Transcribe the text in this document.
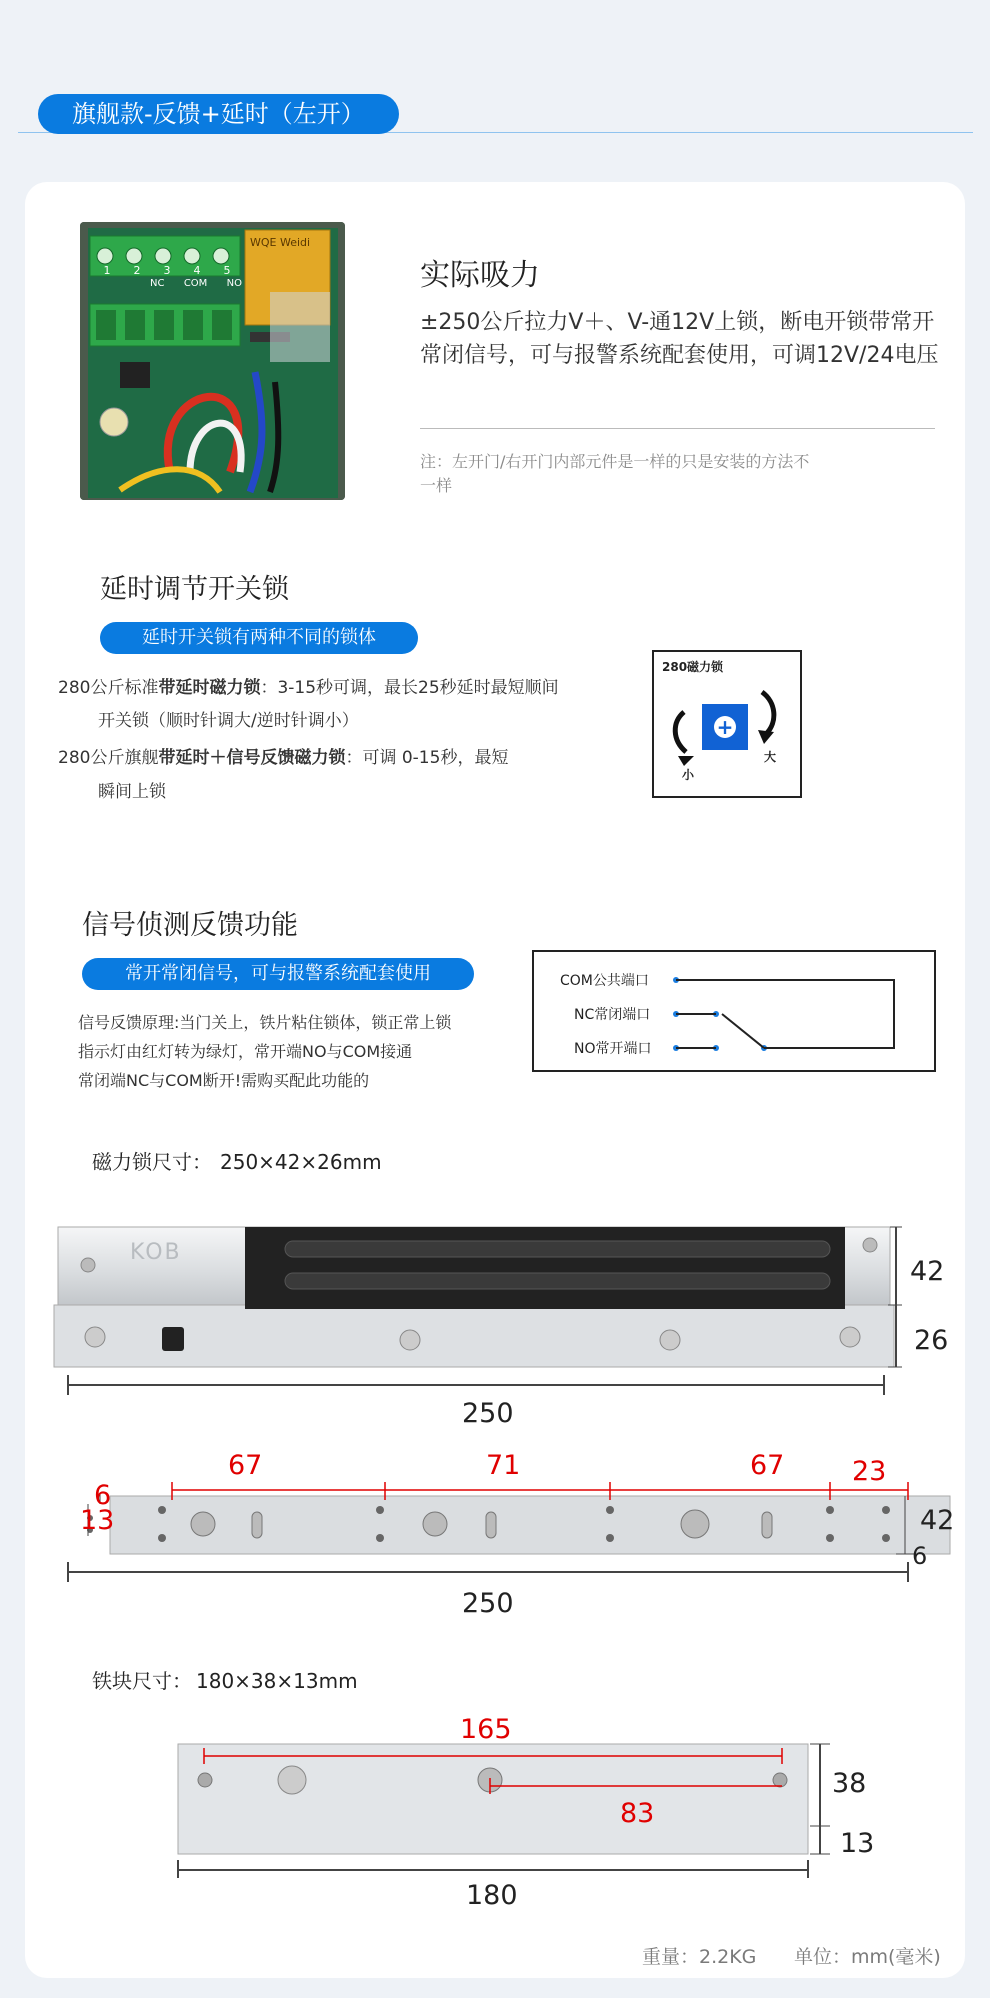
旗舰款-反馈+延时（左开）
1 2 3 4 5
NC COM NO
WQE Weidi
实际吸力
±250公斤拉力V＋、V-通12V上锁，断电开锁带常开常闭信号，可与报警系统配套使用，可调12V/24电压
注：左开门/右开门内部元件是一样的只是安装的方法不一样
延时调节开关锁
延时开关锁有两种不同的锁体
280公斤标准带延时磁力锁：3-15秒可调，最长25秒延时最短顺间
开关锁（顺时针调大/逆时针调小）
280公斤旗舰带延时＋信号反馈磁力锁：可调 0-15秒，最短
瞬间上锁
280磁力锁
+
小
大
信号侦测反馈功能
常开常闭信号，可与报警系统配套使用
信号反馈原理:当门关上，铁片粘住锁体，锁正常上锁
指示灯由红灯转为绿灯，常开端NO与COM接通
常闭端NC与COM断开!需购买配此功能的
COM公共端口
NC常闭端口
NO常开端口
磁力锁尺寸： 250×42×26mm
KOB
250
42
26
67	71	67	23
6
13	42
6
250
铁块尺寸： 180×38×13mm
165
83
38
13
180
重量：2.2KG 单位：mm(毫米)
